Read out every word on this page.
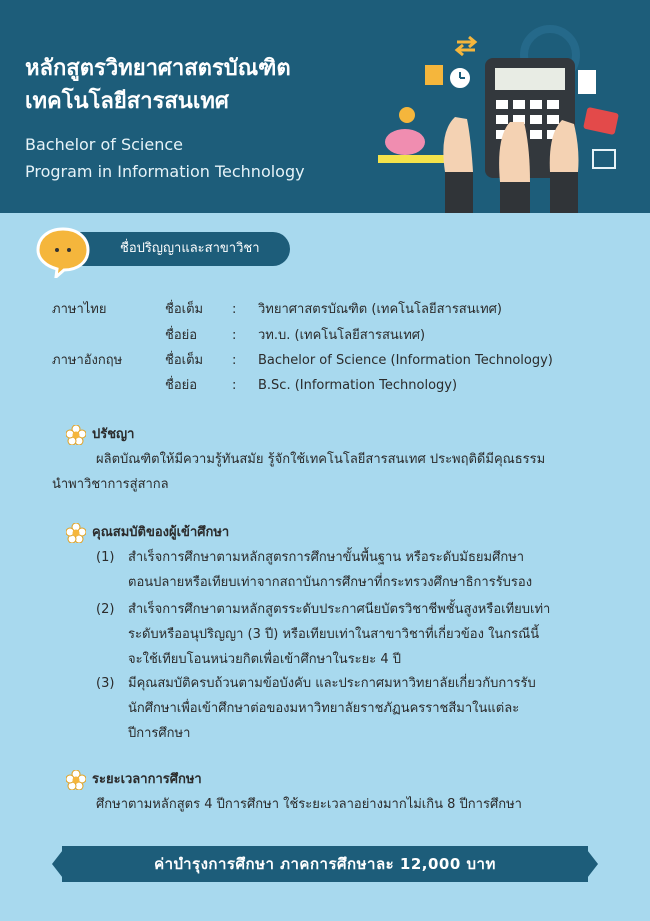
หลักสูตรวิทยาศาสตรบัณฑิต
เทคโนโลยีสารสนเทศ
Bachelor of Science
Program in Information Technology
ชื่อปริญญาและสาขาวิชา
ภาษาไทย	ชื่อเต็ม : วิทยาศาสตรบัณฑิต (เทคโนโลยีสารสนเทศ)
ชื่อย่อ	: วท.บ. (เทคโนโลยีสารสนเทศ)
ภาษาอังกฤษ	ชื่อเต็ม : Bachelor of Science (Information Technology)
ชื่อย่อ	: B.Sc. (Information Technology)
ปรัชญา
ผลิตบัณฑิตให้มีความรู้ทันสมัย รู้จักใช้เทคโนโลยีสารสนเทศ ประพฤติดีมีคุณธรรม
นำพาวิชาการสู่สากล
คุณสมบัติของผู้เข้าศึกษา
(1) สำเร็จการศึกษาตามหลักสูตรการศึกษาขั้นพื้นฐาน หรือระดับมัธยมศึกษา
ตอนปลายหรือเทียบเท่าจากสถาบันการศึกษาที่กระทรวงศึกษาธิการรับรอง
(2) สำเร็จการศึกษาตามหลักสูตรระดับประกาศนียบัตรวิชาชีพชั้นสูงหรือเทียบเท่า
ระดับหรืออนุปริญญา (3 ปี) หรือเทียบเท่าในสาขาวิชาที่เกี่ยวข้อง ในกรณีนี้
จะใช้เทียบโอนหน่วยกิตเพื่อเข้าศึกษาในระยะ 4 ปี
(3) มีคุณสมบัติครบถ้วนตามข้อบังคับ และประกาศมหาวิทยาลัยเกี่ยวกับการรับ
นักศึกษาเพื่อเข้าศึกษาต่อของมหาวิทยาลัยราชภัฏนครราชสีมาในแต่ละ
ปีการศึกษา
ระยะเวลาการศึกษา
ศึกษาตามหลักสูตร 4 ปีการศึกษา ใช้ระยะเวลาอย่างมากไม่เกิน 8 ปีการศึกษา
ค่าบำรุงการศึกษา ภาคการศึกษาละ 12,000 บาท
